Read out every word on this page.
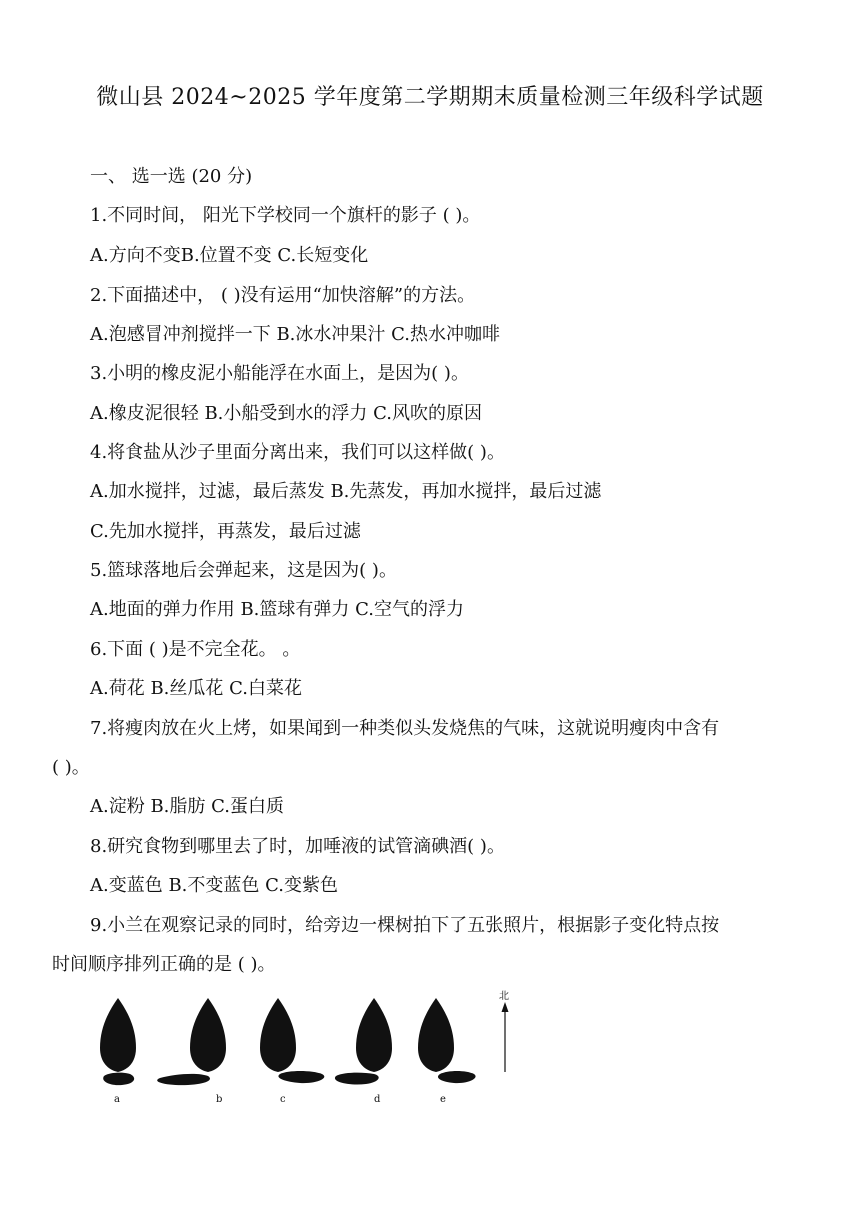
微山县 2024~2025 学年度第二学期期末质量检测三年级科学试题
一、 选一选 (20 分)
1.不同时间， 阳光下学校同一个旗杆的影子 ( )。
A.方向不变B.位置不变 C.长短变化
2.下面描述中， ( )没有运用“加快溶解”的方法。
A.泡感冒冲剂搅拌一下 B.冰水冲果汁 C.热水冲咖啡
3.小明的橡皮泥小船能浮在水面上，是因为( )。
A.橡皮泥很轻 B.小船受到水的浮力 C.风吹的原因
4.将食盐从沙子里面分离出来，我们可以这样做( )。
A.加水搅拌，过滤，最后蒸发 B.先蒸发，再加水搅拌，最后过滤
C.先加水搅拌，再蒸发，最后过滤
5.篮球落地后会弹起来，这是因为( )。
A.地面的弹力作用 B.篮球有弹力 C.空气的浮力
6.下面 ( )是不完全花。 。
A.荷花 B.丝瓜花 C.白菜花
7.将瘦肉放在火上烤，如果闻到一种类似头发烧焦的气味，这就说明瘦肉中含有
( )。
A.淀粉 B.脂肪 C.蛋白质
8.研究食物到哪里去了时，加唾液的试管滴碘酒( )。
A.变蓝色 B.不变蓝色 C.变紫色
9.小兰在观察记录的同时，给旁边一棵树拍下了五张照片，根据影子变化特点按
时间顺序排列正确的是 ( )。
a	b	c	d	e
北
